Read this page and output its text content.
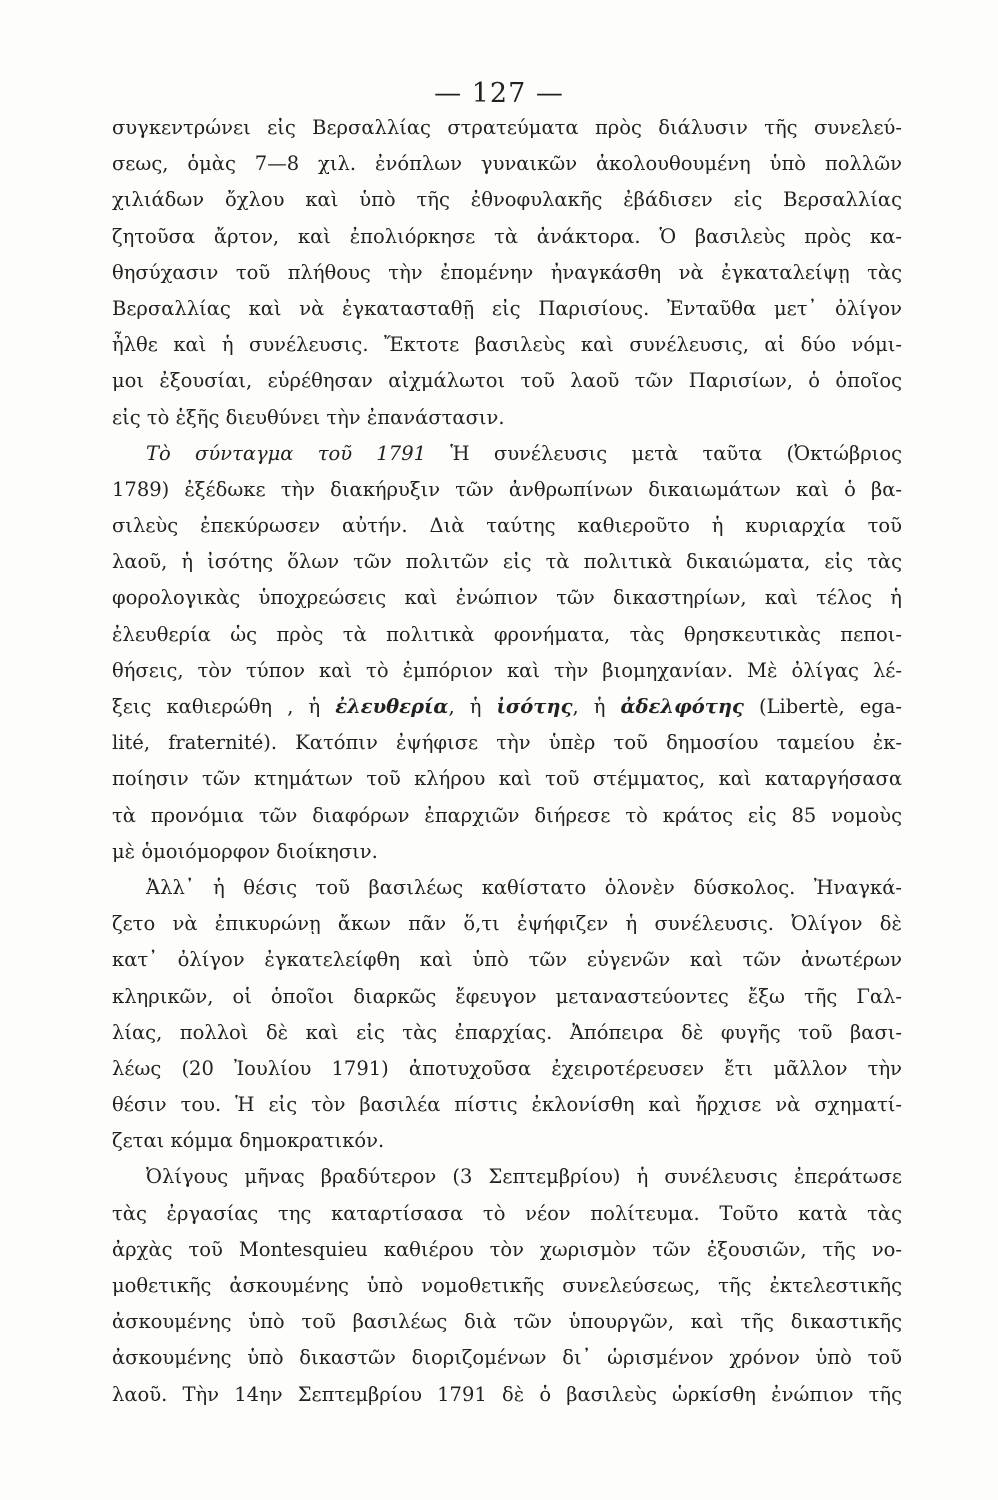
— 127 —
συγκεντρώνει εἰς Βερσαλλίας στρατεύματα πρὸς διάλυσιν τῆς συνελεύ-
σεως, ὁμὰς 7—8 χιλ. ἐνόπλων γυναικῶν ἀκολουθουμένη ὑπὸ πολλῶν
χιλιάδων ὄχλου καὶ ὑπὸ τῆς ἐθνοφυλακῆς ἐβάδισεν εἰς Βερσαλλίας
ζητοῦσα ἄρτον, καὶ ἐπολιόρκησε τὰ ἀνάκτορα. Ὁ βασιλεὺς πρὸς κα-
θησύχασιν τοῦ πλήθους τὴν ἐπομένην ἠναγκάσθη νὰ ἐγκαταλείψῃ τὰς
Βερσαλλίας καὶ νὰ ἐγκατασταθῇ εἰς Παρισίους. Ἐνταῦθα μετ᾽ ὀλίγον
ἦλθε καὶ ἡ συνέλευσις. Ἔκτοτε βασιλεὺς καὶ συνέλευσις, αἱ δύο νόμι-
μοι ἐξουσίαι, εὑρέθησαν αἰχμάλωτοι τοῦ λαοῦ τῶν Παρισίων, ὁ ὁποῖος
εἰς τὸ ἑξῆς διευθύνει τὴν ἐπανάστασιν.
Τὸ σύνταγμα τοῦ 1791 Ἡ συνέλευσις μετὰ ταῦτα (Ὀκτώβριος
1789) ἐξέδωκε τὴν διακήρυξιν τῶν ἀνθρωπίνων δικαιωμάτων καὶ ὁ βα-
σιλεὺς ἐπεκύρωσεν αὐτήν. Διὰ ταύτης καθιεροῦτο ἡ κυριαρχία τοῦ
λαοῦ, ἡ ἰσότης ὅλων τῶν πολιτῶν εἰς τὰ πολιτικὰ δικαιώματα, εἰς τὰς
φορολογικὰς ὑποχρεώσεις καὶ ἐνώπιον τῶν δικαστηρίων, καὶ τέλος ἡ
ἐλευθερία ὡς πρὸς τὰ πολιτικὰ φρονήματα, τὰς θρησκευτικὰς πεποι-
θήσεις, τὸν τύπον καὶ τὸ ἐμπόριον καὶ τὴν βιομηχανίαν. Μὲ ὀλίγας λέ-
ξεις καθιερώθη , ἡ ἐλευθερία, ἡ ἰσότης, ἡ ἀδελφότης (Libertè, ega-
lité, fraternité). Κατόπιν ἐψήφισε τὴν ὑπὲρ τοῦ δημοσίου ταμείου ἐκ-
ποίησιν τῶν κτημάτων τοῦ κλήρου καὶ τοῦ στέμματος, καὶ καταργήσασα
τὰ προνόμια τῶν διαφόρων ἐπαρχιῶν διήρεσε τὸ κράτος εἰς 85 νομοὺς
μὲ ὁμοιόμορφον διοίκησιν.
Ἀλλ᾽ ἡ θέσις τοῦ βασιλέως καθίστατο ὁλονὲν δύσκολος. Ἠναγκά-
ζετο νὰ ἐπικυρώνῃ ἄκων πᾶν ὅ,τι ἐψήφιζεν ἡ συνέλευσις. Ὀλίγον δὲ
κατ᾽ ὀλίγον ἐγκατελείφθη καὶ ὑπὸ τῶν εὐγενῶν καὶ τῶν ἀνωτέρων
κληρικῶν, οἱ ὁποῖοι διαρκῶς ἔφευγον μεταναστεύοντες ἔξω τῆς Γαλ-
λίας, πολλοὶ δὲ καὶ εἰς τὰς ἐπαρχίας. Ἀπόπειρα δὲ φυγῆς τοῦ βασι-
λέως (20 Ἰουλίου 1791) ἀποτυχοῦσα ἐχειροτέρευσεν ἔτι μᾶλλον τὴν
θέσιν του. Ἡ εἰς τὸν βασιλέα πίστις ἐκλονίσθη καὶ ἤρχισε νὰ σχηματί-
ζεται κόμμα δημοκρατικόν.
Ὀλίγους μῆνας βραδύτερον (3 Σεπτεμβρίου) ἡ συνέλευσις ἐπεράτωσε
τὰς ἐργασίας της καταρτίσασα τὸ νέον πολίτευμα. Τοῦτο κατὰ τὰς
ἀρχὰς τοῦ Montesquieu καθιέρου τὸν χωρισμὸν τῶν ἐξουσιῶν, τῆς νο-
μοθετικῆς ἀσκουμένης ὑπὸ νομοθετικῆς συνελεύσεως, τῆς ἐκτελεστικῆς
ἀσκουμένης ὑπὸ τοῦ βασιλέως διὰ τῶν ὑπουργῶν, καὶ τῆς δικαστικῆς
ἀσκουμένης ὑπὸ δικαστῶν διοριζομένων δι᾽ ὡρισμένον χρόνον ὑπὸ τοῦ
λαοῦ. Τὴν 14ην Σεπτεμβρίου 1791 δὲ ὁ βασιλεὺς ὡρκίσθη ἐνώπιον τῆς
